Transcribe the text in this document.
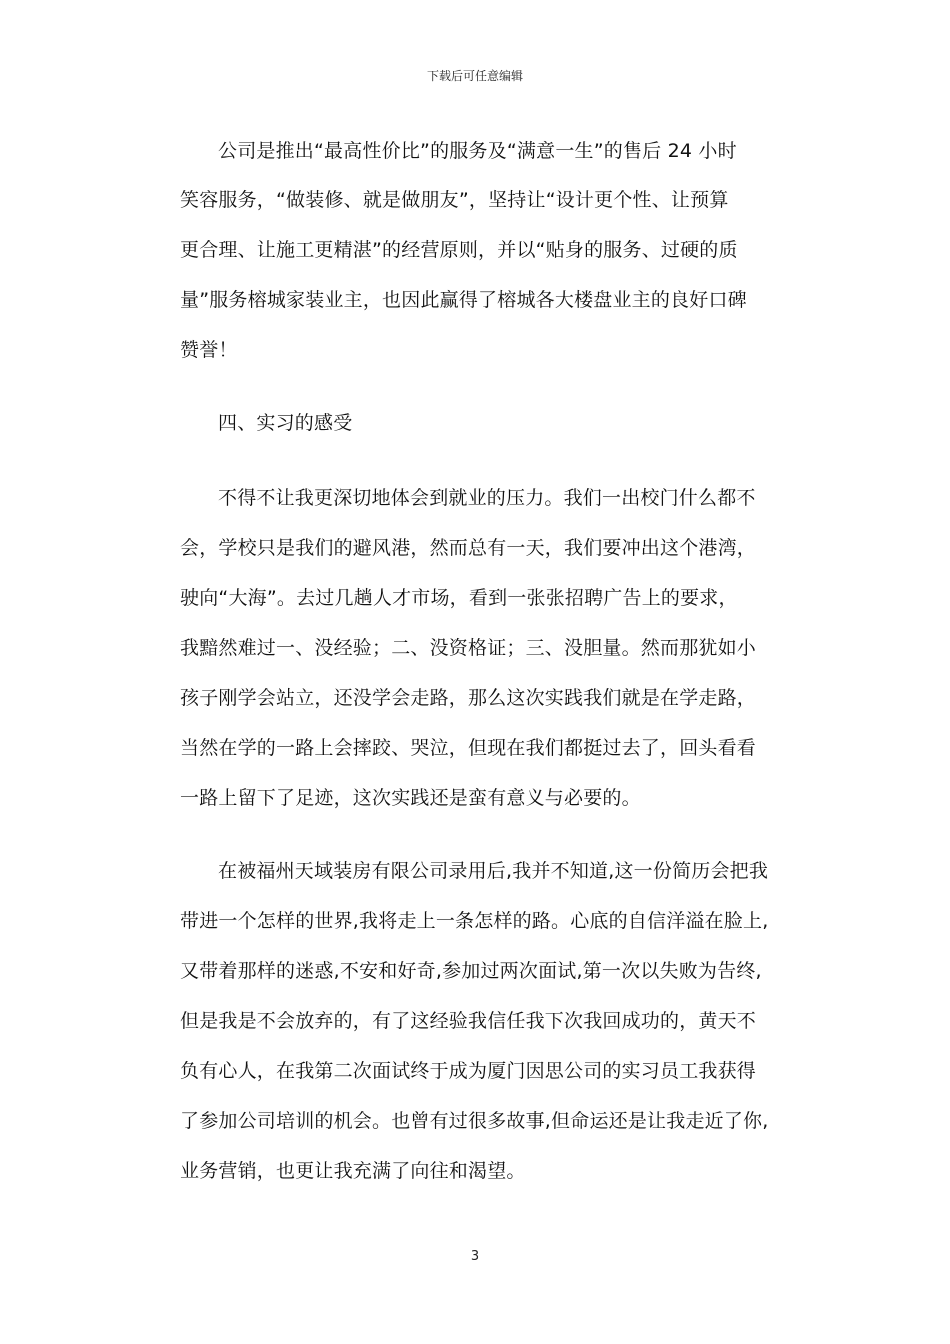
下载后可任意编辑
公司是推出“最高性价比”的服务及“满意一生”的售后 24 小时
笑容服务，“做装修、就是做朋友”，坚持让“设计更个性、让预算
更合理、让施工更精湛”的经营原则，并以“贴身的服务、过硬的质
量”服务榕城家装业主，也因此赢得了榕城各大楼盘业主的良好口碑
赞誉！
四、实习的感受
不得不让我更深切地体会到就业的压力。我们一出校门什么都不
会，学校只是我们的避风港，然而总有一天，我们要冲出这个港湾，
驶向“大海”。去过几趟人才市场，看到一张张招聘广告上的要求，
我黯然难过一、没经验；二、没资格证；三、没胆量。然而那犹如小
孩子刚学会站立，还没学会走路，那么这次实践我们就是在学走路，
当然在学的一路上会摔跤、哭泣，但现在我们都挺过去了，回头看看
一路上留下了足迹，这次实践还是蛮有意义与必要的。
在被福州天域装房有限公司录用后,我并不知道,这一份简历会把我
带进一个怎样的世界,我将走上一条怎样的路。心底的自信洋溢在脸上,
又带着那样的迷惑,不安和好奇,参加过两次面试,第一次以失败为告终,
但是我是不会放弃的，有了这经验我信任我下次我回成功的，黄天不
负有心人，在我第二次面试终于成为厦门因思公司的实习员工我获得
了参加公司培训的机会。也曾有过很多故事,但命运还是让我走近了你,
业务营销，也更让我充满了向往和渴望。
3
